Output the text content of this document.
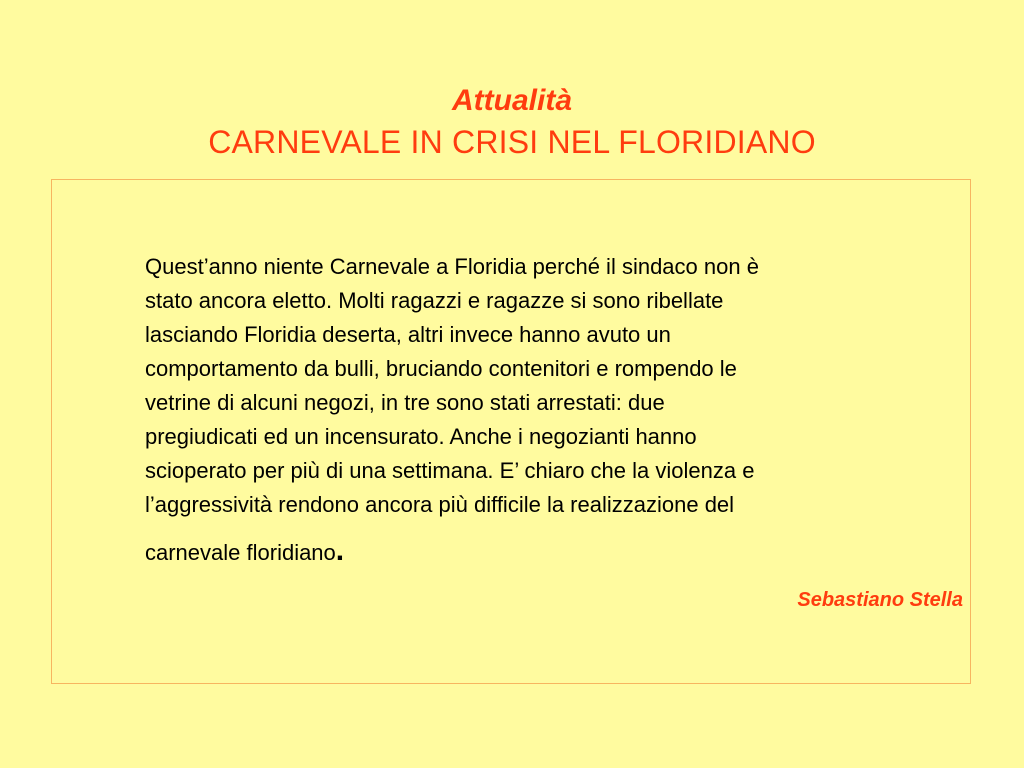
Attualità
CARNEVALE IN CRISI NEL FLORIDIANO

Quest’anno niente Carnevale a Floridia perché il sindaco non è
stato ancora eletto. Molti ragazzi e ragazze si sono ribellate
lasciando Floridia deserta, altri invece hanno avuto un
comportamento da bulli, bruciando contenitori e rompendo le
vetrine di alcuni negozi, in tre sono stati arrestati: due
pregiudicati ed un incensurato. Anche i negozianti hanno
scioperato per più di una settimana. E’ chiaro che la violenza e
l’aggressività rendono ancora più difficile la realizzazione del
carnevale floridiano.

Sebastiano Stella
